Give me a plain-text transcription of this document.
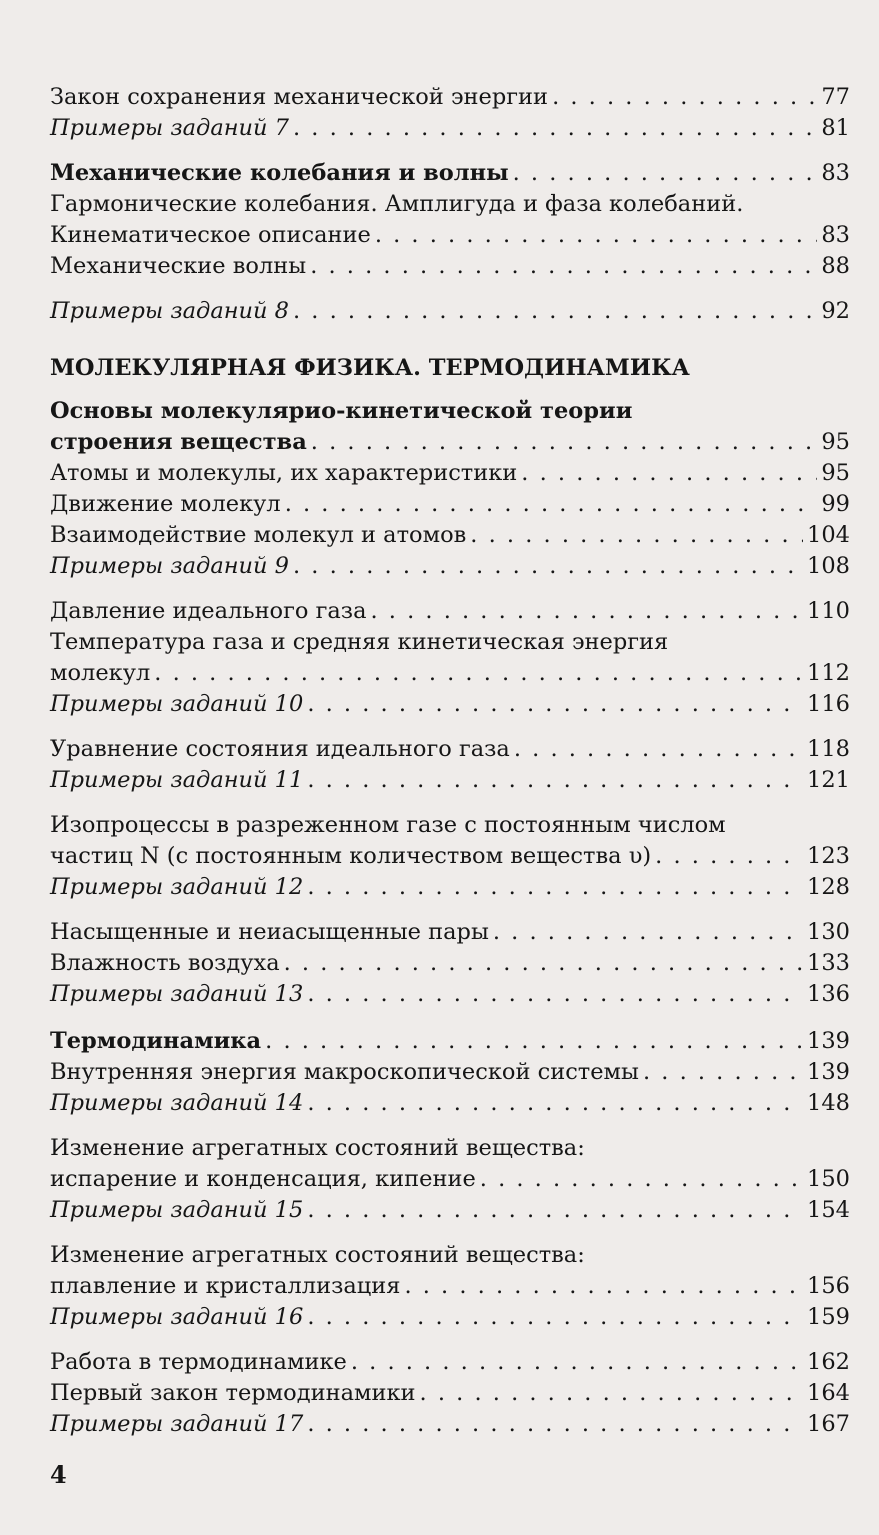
Закон сохранения механической энергии . . .	77
Примеры заданий 7 . . .	81
Механические колебания и волны . . .	83
Гармонические колебания. Амплигуда и фаза колебаний.
Кинематическое описание . . .	83
Механические волны . . .	88
Примеры заданий 8 . . .	92
МОЛЕКУЛЯРНАЯ ФИЗИКА. ТЕРМОДИНАМИКА
Основы молекулярио-кинетической теории
строения вещества . . .	95
Атомы и молекулы, их характеристики . . .	95
Движение молекул . . .	99
Взаимодействие молекул и атомов . . .	104
Примеры заданий 9 . . .	108
Давление идеального газа . . .	110
Температура газа и средняя кинетическая энергия
молекул . . .	112
Примеры заданий 10 . . .	116
Уравнение состояния идеального газа . . .	118
Примеры заданий 11 . . .	121
Изопроцессы в разреженном газе с постоянным числом
частиц N (с постоянным количеством вещества υ) . . .	123
Примеры заданий 12 . . .	128
Насыщенные и неиасыщенные пары . . .	130
Влажность воздуха . . .	133
Примеры заданий 13 . . .	136
Термодинамика . . .	139
Внутренняя энергия макроскопической системы . . .	139
Примеры заданий 14 . . .	148
Изменение агрегатных состояний вещества:
испарение и конденсация, кипение . . .	150
Примеры заданий 15 . . .	154
Изменение агрегатных состояний вещества:
плавление и кристаллизация . . .	156
Примеры заданий 16 . . .	159
Работа в термодинамике . . .	162
Первый закон термодинамики . . .	164
Примеры заданий 17 . . .	167
4
